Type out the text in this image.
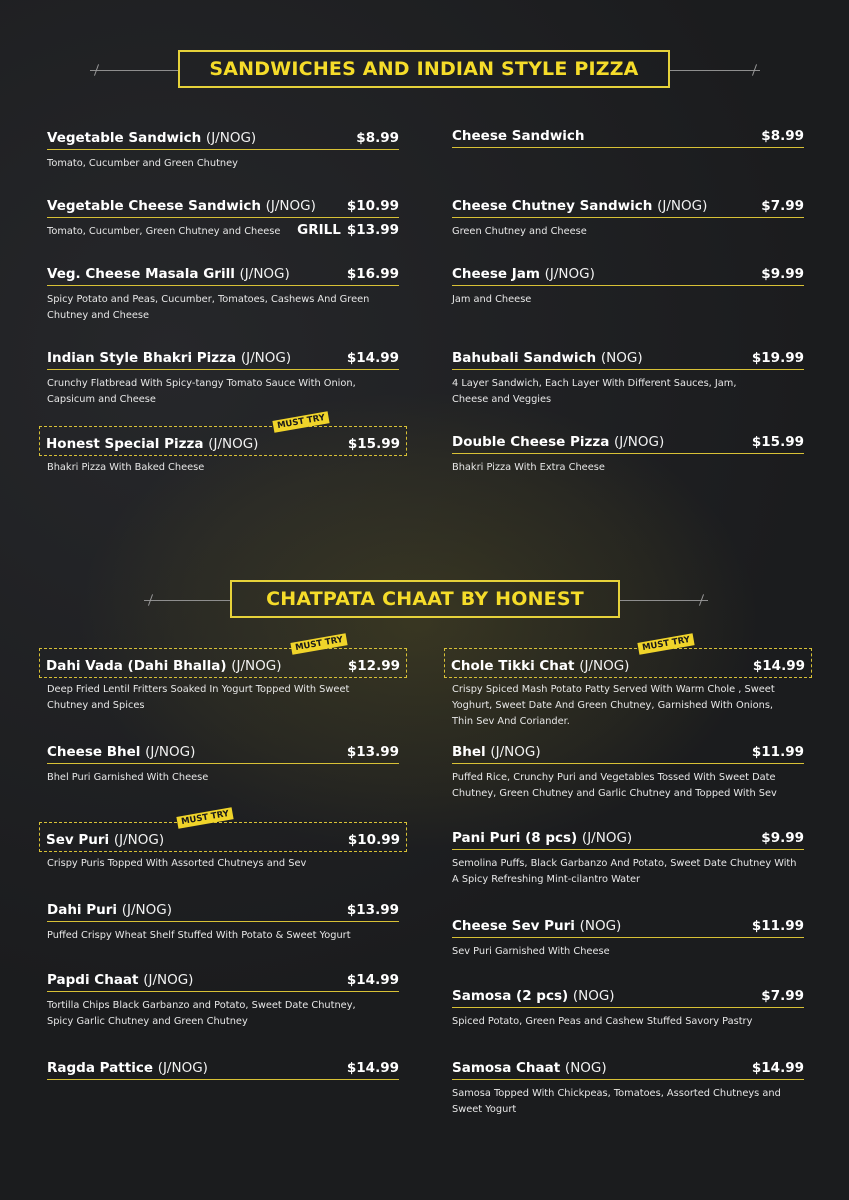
SANDWICHES AND INDIAN STYLE PIZZA
CHATPATA CHAAT BY HONEST
Vegetable Sandwich (J/NOG)	$8.99
Tomato, Cucumber and Green Chutney
Vegetable Cheese Sandwich (J/NOG) $10.99
Tomato, Cucumber, Green Chutney and Cheese	GRILL $13.99
Veg. Cheese Masala Grill (J/NOG)	$16.99
Spicy Potato and Peas, Cucumber, Tomatoes, Cashews And Green Chutney and Cheese
Indian Style Bhakri Pizza (J/NOG)	$14.99
Crunchy Flatbread With Spicy-tangy Tomato Sauce With Onion, Capsicum and Cheese
Honest Special Pizza (J/NOG)	$15.99
Bhakri Pizza With Baked Cheese
MUST TRY
Cheese Sandwich	$8.99
Cheese Chutney Sandwich (J/NOG)	$7.99
Green Chutney and Cheese
Cheese Jam (J/NOG)	$9.99
Jam and Cheese
Bahubali Sandwich (NOG)	$19.99
4 Layer Sandwich, Each Layer With Different Sauces, Jam, Cheese and Veggies
Double Cheese Pizza (J/NOG)	$15.99
Bhakri Pizza With Extra Cheese
Dahi Vada (Dahi Bhalla) (J/NOG)	$12.99
Deep Fried Lentil Fritters Soaked In Yogurt Topped With Sweet Chutney and Spices
MUST TRY
Cheese Bhel (J/NOG)	$13.99
Bhel Puri Garnished With Cheese
Sev Puri (J/NOG)	$10.99
Crispy Puris Topped With Assorted Chutneys and Sev
MUST TRY
Dahi Puri (J/NOG)	$13.99
Puffed Crispy Wheat Shelf Stuffed With Potato & Sweet Yogurt
Papdi Chaat (J/NOG)	$14.99
Tortilla Chips Black Garbanzo and Potato, Sweet Date Chutney, Spicy Garlic Chutney and Green Chutney
Ragda Pattice (J/NOG)	$14.99
Chole Tikki Chat (J/NOG)	$14.99
Crispy Spiced Mash Potato Patty Served With Warm Chole , Sweet Yoghurt, Sweet Date And Green Chutney, Garnished With Onions, Thin Sev And Coriander.
MUST TRY
Bhel (J/NOG)	$11.99
Puffed Rice, Crunchy Puri and Vegetables Tossed With Sweet Date Chutney, Green Chutney and Garlic Chutney and Topped With Sev
Pani Puri (8 pcs) (J/NOG)	$9.99
Semolina Puffs, Black Garbanzo And Potato, Sweet Date Chutney With A Spicy Refreshing Mint-cilantro Water
Cheese Sev Puri (NOG)	$11.99
Sev Puri Garnished With Cheese
Samosa (2 pcs) (NOG)	$7.99
Spiced Potato, Green Peas and Cashew Stuffed Savory Pastry
Samosa Chaat (NOG)	$14.99
Samosa Topped With Chickpeas, Tomatoes, Assorted Chutneys and Sweet Yogurt
